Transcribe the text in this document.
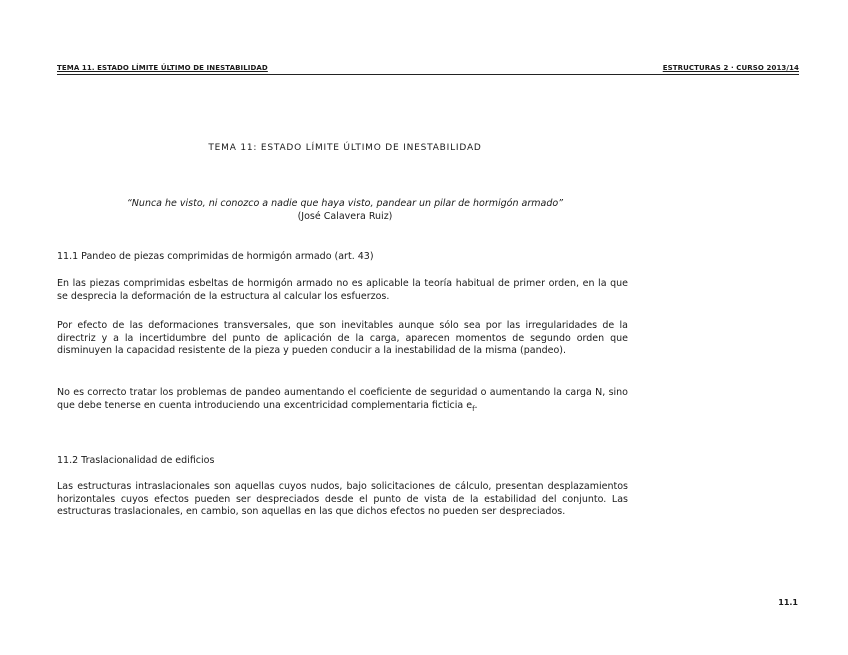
TEMA 11. ESTADO LÍMITE ÚLTIMO DE INESTABILIDAD	ESTRUCTURAS 2 · CURSO 2013/14
TEMA 11: ESTADO LÍMITE ÚLTIMO DE INESTABILIDAD
“Nunca he visto, ni conozco a nadie que haya visto, pandear un pilar de hormigón armado”
(José Calavera Ruiz)
11.1 Pandeo de piezas comprimidas de hormigón armado (art. 43)
En las piezas comprimidas esbeltas de hormigón armado no es aplicable la teoría habitual de primer orden, en la que se desprecia la deformación de la estructura al calcular los esfuerzos.
Por efecto de las deformaciones transversales, que son inevitables aunque sólo sea por las irregularidades de la directriz y a la incertidumbre del punto de aplicación de la carga, aparecen momentos de segundo orden que disminuyen la capacidad resistente de la pieza y pueden conducir a la inestabilidad de la misma (pandeo).
No es correcto tratar los problemas de pandeo aumentando el coeficiente de seguridad o aumentando la carga N, sino que debe tenerse en cuenta introduciendo una excentricidad complementaria ficticia $e_f$.
11.2 Traslacionalidad de edificios
Las estructuras intraslacionales son aquellas cuyos nudos, bajo solicitaciones de cálculo, presentan desplazamientos horizontales cuyos efectos pueden ser despreciados desde el punto de vista de la estabilidad del conjunto. Las estructuras traslacionales, en cambio, son aquellas en las que dichos efectos no pueden ser despreciados.
11.1
